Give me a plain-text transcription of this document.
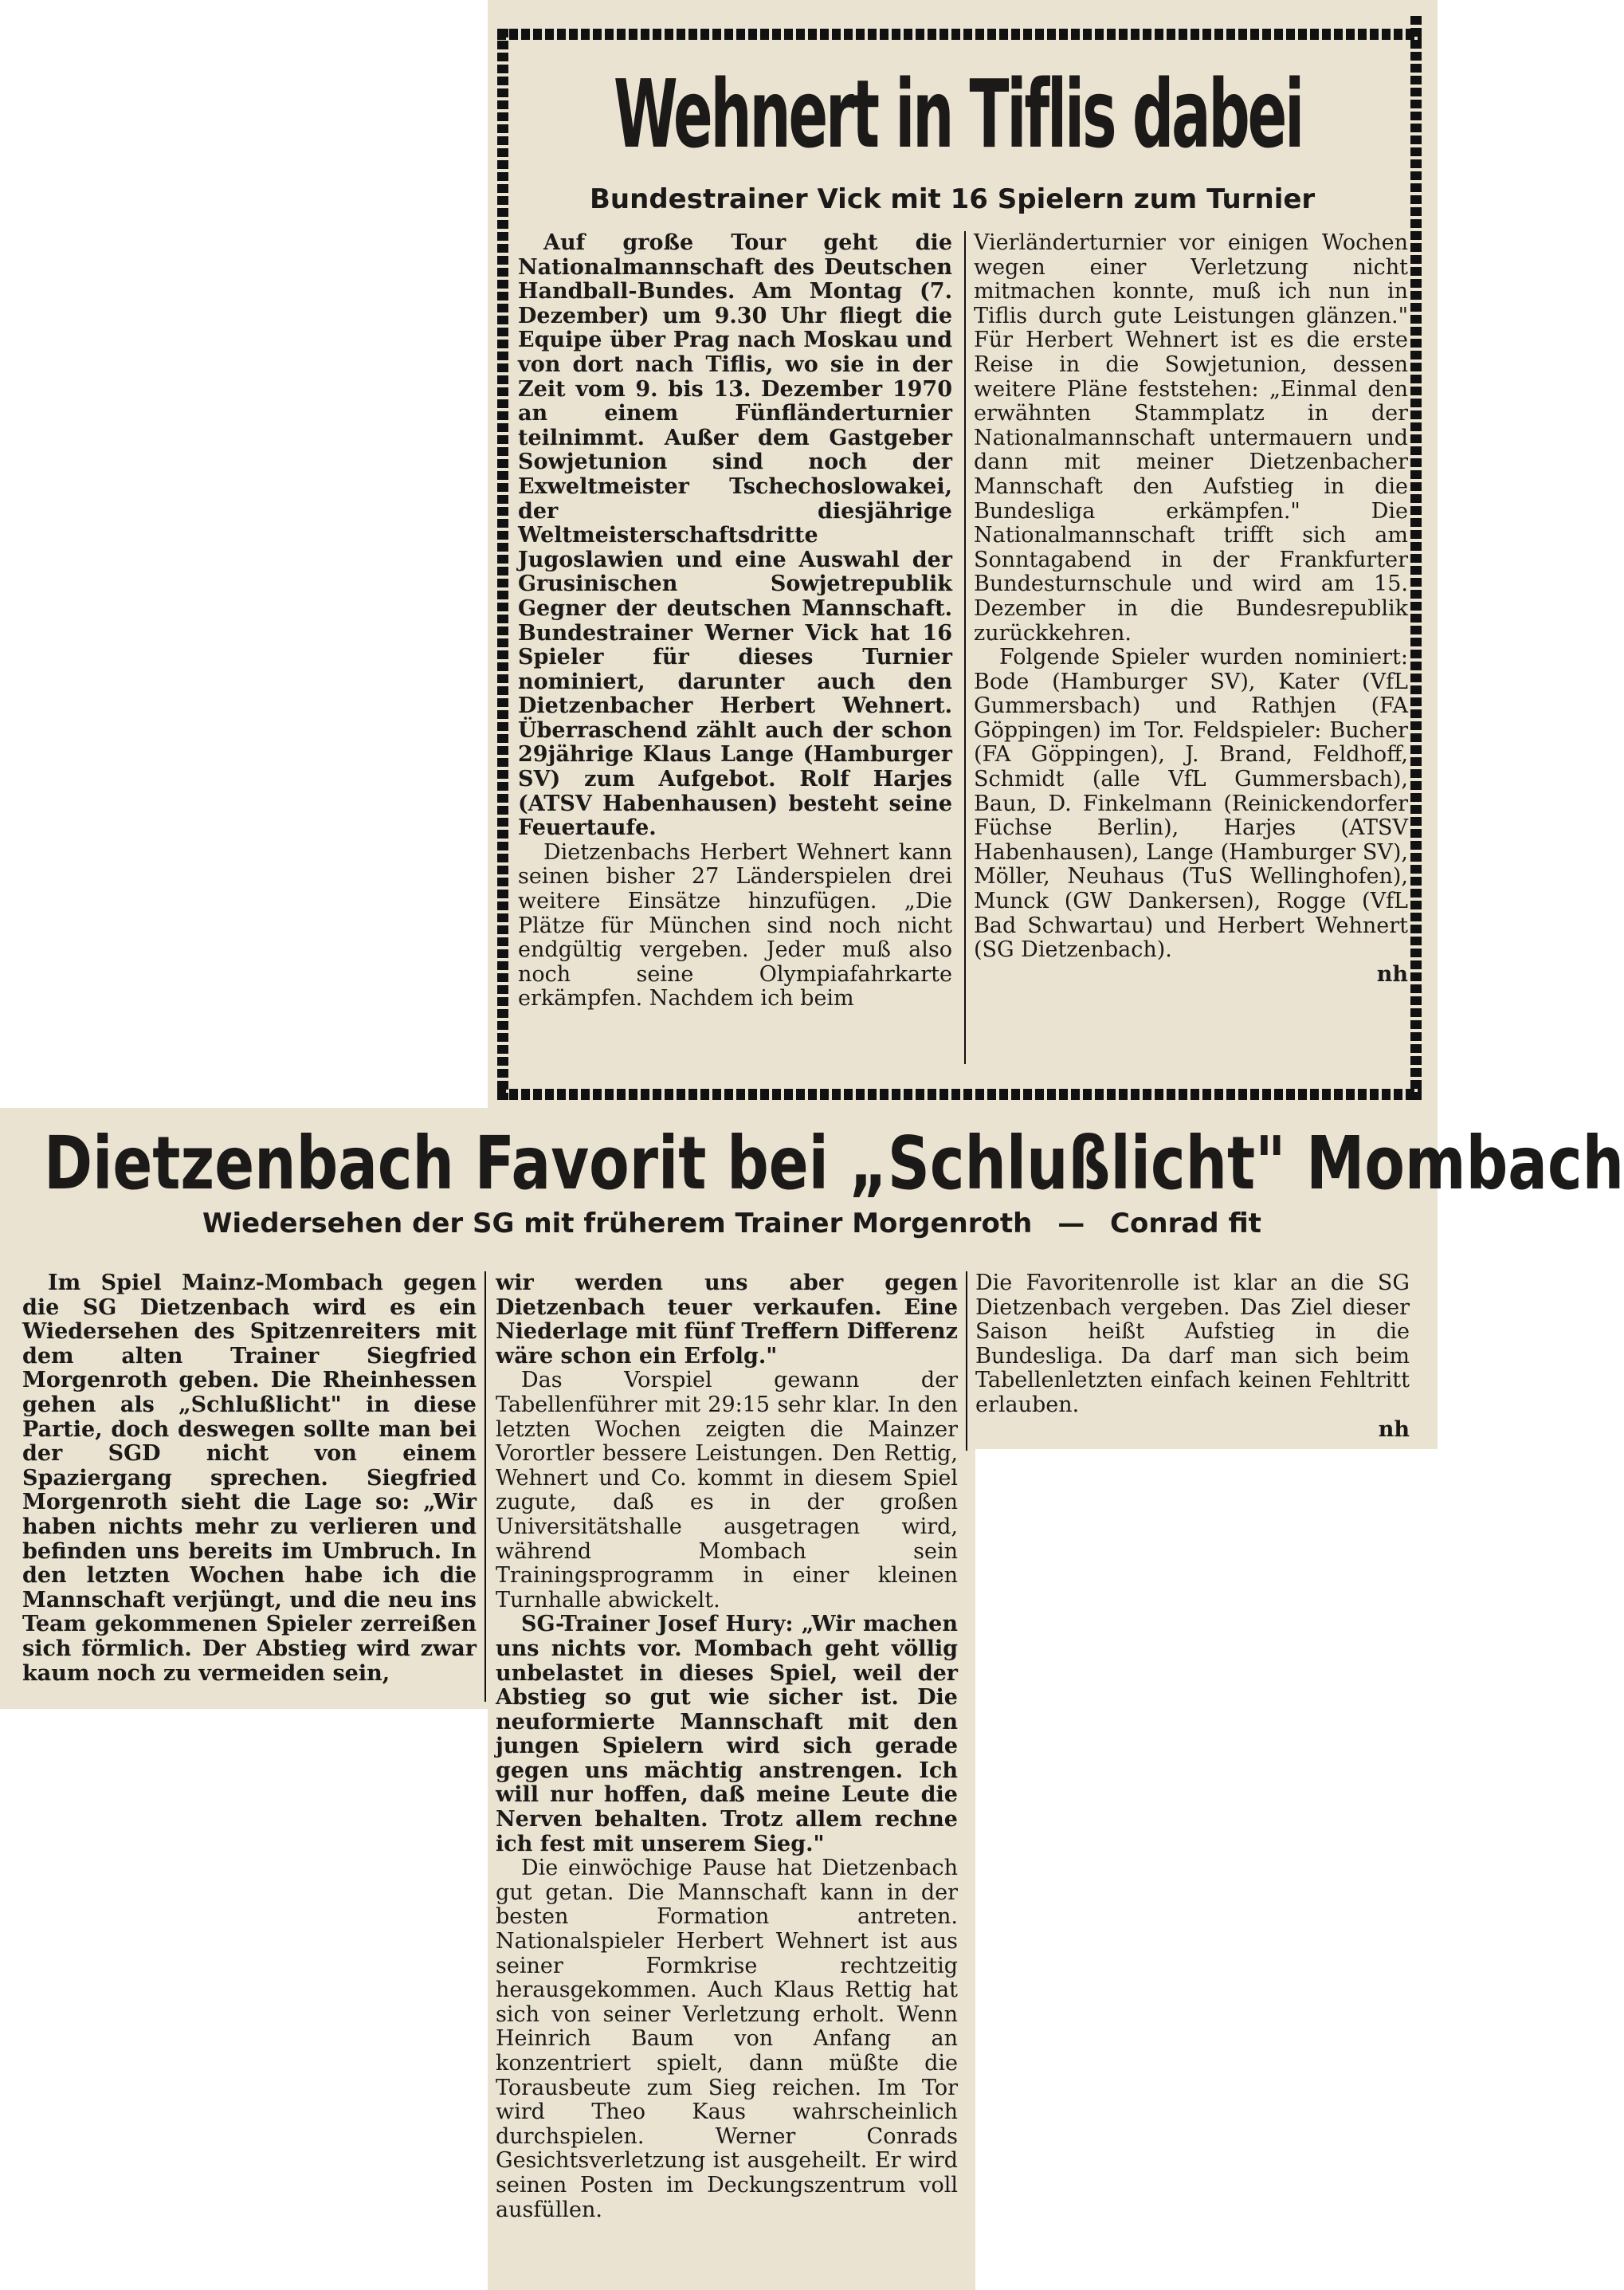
Wehnert in Tiflis dabei
Bundestrainer Vick mit 16 Spielern zum Turnier

Auf große Tour geht die Nationalmannschaft des Deutschen Handball-Bundes. Am Montag (7. Dezember) um 9.30 Uhr fliegt die Equipe über Prag nach Moskau und von dort nach Tiflis, wo sie in der Zeit vom 9. bis 13. Dezember 1970 an einem Fünfländerturnier teilnimmt. Außer dem Gastgeber Sowjetunion sind noch der Exweltmeister Tschechoslowakei, der diesjährige Weltmeisterschaftsdritte Jugoslawien und eine Auswahl der Grusinischen Sowjetrepublik Gegner der deutschen Mannschaft. Bundestrainer Werner Vick hat 16 Spieler für dieses Turnier nominiert, darunter auch den Dietzenbacher Herbert Wehnert. Überraschend zählt auch der schon 29jährige Klaus Lange (Hamburger SV) zum Aufgebot. Rolf Harjes (ATSV Habenhausen) besteht seine Feuertaufe.

Dietzenbachs Herbert Wehnert kann seinen bisher 27 Länderspielen drei weitere Einsätze hinzufügen. „Die Plätze für München sind noch nicht endgültig vergeben. Jeder muß also noch seine Olympiafahrkarte erkämpfen. Nachdem ich beim

Vierländerturnier vor einigen Wochen wegen einer Verletzung nicht mitmachen konnte, muß ich nun in Tiflis durch gute Leistungen glänzen." Für Herbert Wehnert ist es die erste Reise in die Sowjetunion, dessen weitere Pläne feststehen: „Einmal den erwähnten Stammplatz in der Nationalmannschaft untermauern und dann mit meiner Dietzenbacher Mannschaft den Aufstieg in die Bundesliga erkämpfen." Die Nationalmannschaft trifft sich am Sonntagabend in der Frankfurter Bundesturnschule und wird am 15. Dezember in die Bundesrepublik zurückkehren.

Folgende Spieler wurden nominiert: Bode (Hamburger SV), Kater (VfL Gummersbach) und Rathjen (FA Göppingen) im Tor. Feldspieler: Bucher (FA Göppingen), J. Brand, Feldhoff, Schmidt (alle VfL Gummersbach), Baun, D. Finkelmann (Reinickendorfer Füchse Berlin), Harjes (ATSV Habenhausen), Lange (Hamburger SV), Möller, Neuhaus (TuS Wellinghofen), Munck (GW Dankersen), Rogge (VfL Bad Schwartau) und Herbert Wehnert (SG Dietzenbach).

nh

Dietzenbach Favorit bei „Schlußlicht" Mombach
Wiedersehen der SG mit früherem Trainer Morgenroth — Conrad fit

Im Spiel Mainz-Mombach gegen die SG Dietzenbach wird es ein Wiedersehen des Spitzenreiters mit dem alten Trainer Siegfried Morgenroth geben. Die Rheinhessen gehen als „Schlußlicht" in diese Partie, doch deswegen sollte man bei der SGD nicht von einem Spaziergang sprechen. Siegfried Morgenroth sieht die Lage so: „Wir haben nichts mehr zu verlieren und befinden uns bereits im Umbruch. In den letzten Wochen habe ich die Mannschaft verjüngt, und die neu ins Team gekommenen Spieler zerreißen sich förmlich. Der Abstieg wird zwar kaum noch zu vermeiden sein,

wir werden uns aber gegen Dietzenbach teuer verkaufen. Eine Niederlage mit fünf Treffern Differenz wäre schon ein Erfolg."

Das Vorspiel gewann der Tabellenführer mit 29:15 sehr klar. In den letzten Wochen zeigten die Mainzer Vorortler bessere Leistungen. Den Rettig, Wehnert und Co. kommt in diesem Spiel zugute, daß es in der großen Universitätshalle ausgetragen wird, während Mombach sein Trainingsprogramm in einer kleinen Turnhalle abwickelt.

SG-Trainer Josef Hury: „Wir machen uns nichts vor. Mombach geht völlig unbelastet in dieses Spiel, weil der Abstieg so gut wie sicher ist. Die neuformierte Mannschaft mit den jungen Spielern wird sich gerade gegen uns mächtig anstrengen. Ich will nur hoffen, daß meine Leute die Nerven behalten. Trotz allem rechne ich fest mit unserem Sieg."

Die einwöchige Pause hat Dietzenbach gut getan. Die Mannschaft kann in der besten Formation antreten. Nationalspieler Herbert Wehnert ist aus seiner Formkrise rechtzeitig herausgekommen. Auch Klaus Rettig hat sich von seiner Verletzung erholt. Wenn Heinrich Baum von Anfang an konzentriert spielt, dann müßte die Torausbeute zum Sieg reichen. Im Tor wird Theo Kaus wahrscheinlich durchspielen. Werner Conrads Gesichtsverletzung ist ausgeheilt. Er wird seinen Posten im Deckungszentrum voll ausfüllen.

Die Favoritenrolle ist klar an die SG Dietzenbach vergeben. Das Ziel dieser Saison heißt Aufstieg in die Bundesliga. Da darf man sich beim Tabellenletzten einfach keinen Fehltritt erlauben.

nh
